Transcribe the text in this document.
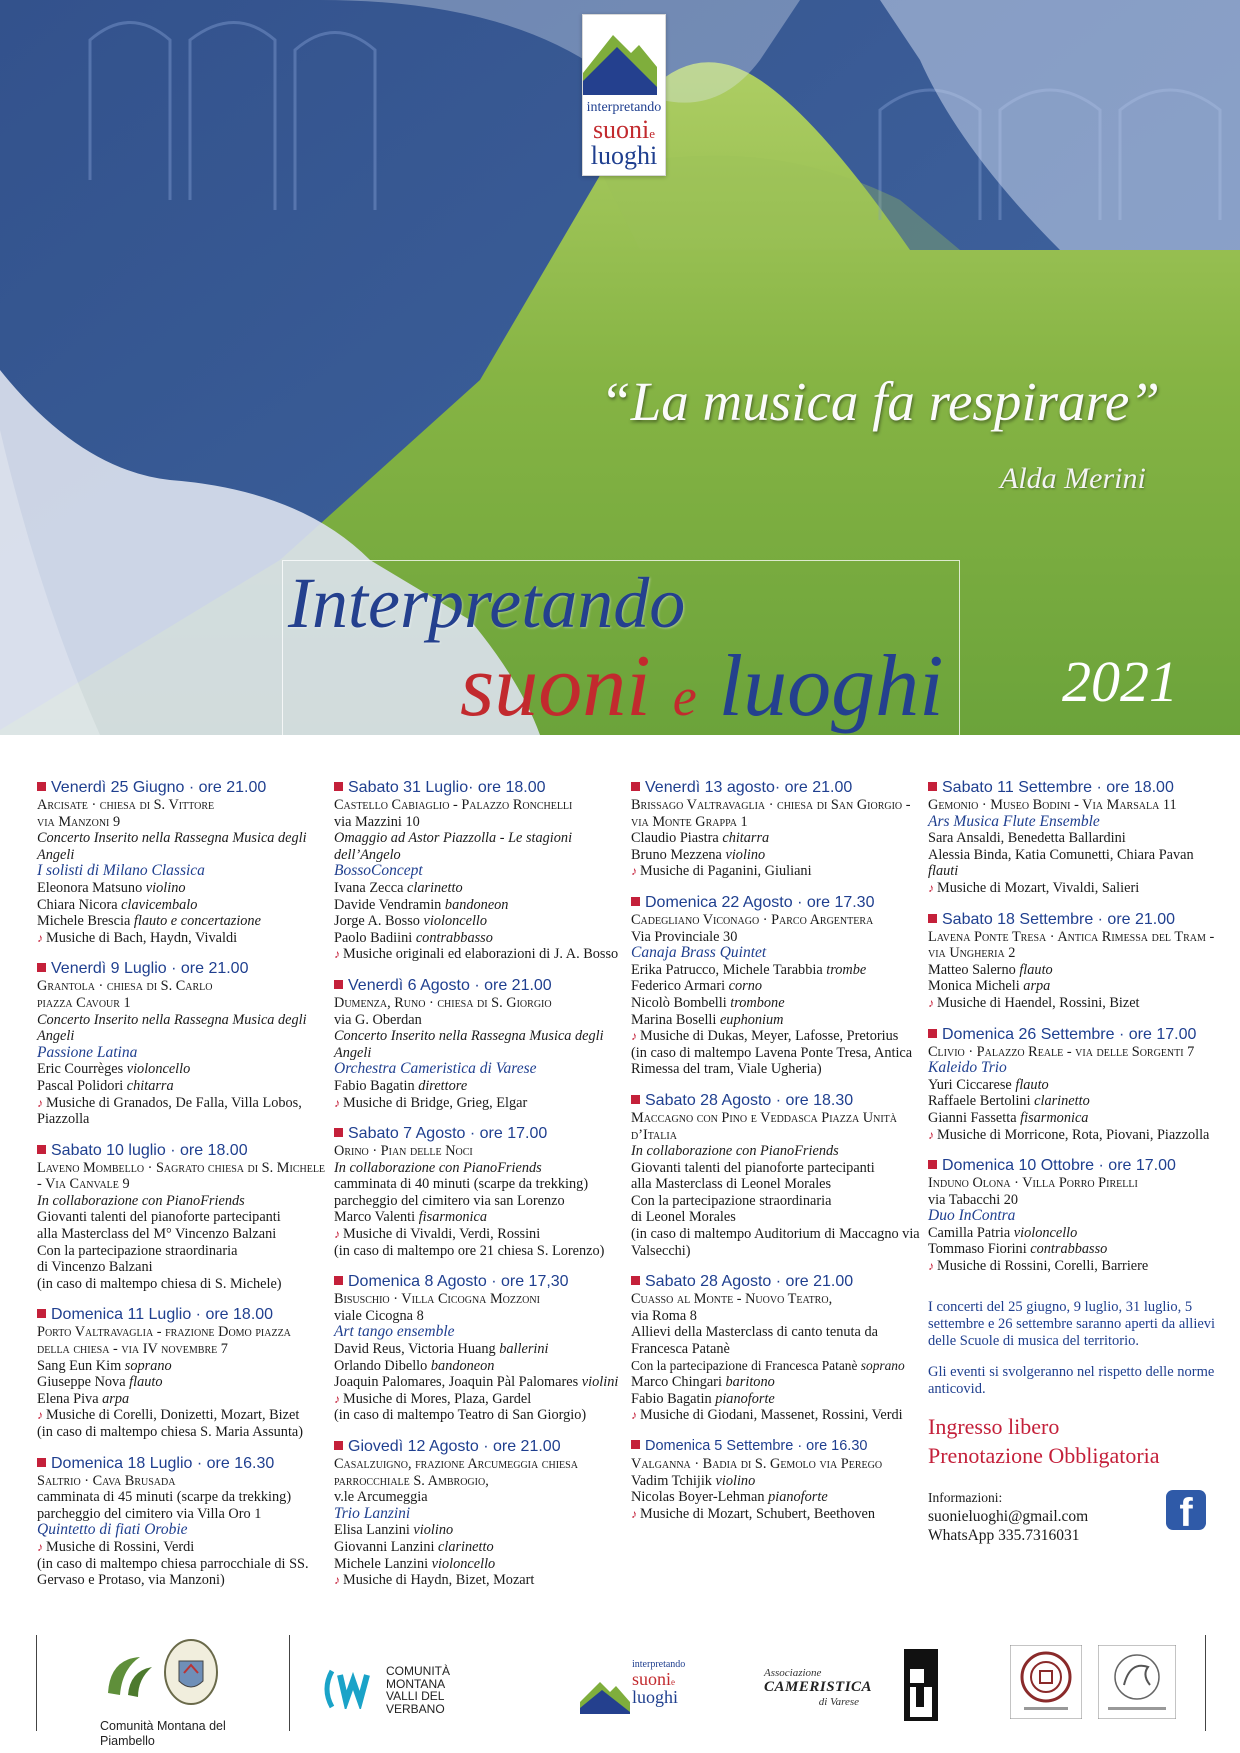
interpretando
suonie
luoghi
“La musica fa respirare”
Alda Merini
Interpretando
suoni e luoghi 2021
Venerdì 25 Giugno · ore 21.00
Arcisate · chiesa di S. Vittore
via Manzoni 9
Concerto Inserito nella Rassegna Musica degli Angeli
I solisti di Milano Classica
Eleonora Matsuno violino
Chiara Nicora clavicembalo
Michele Brescia flauto e concertazione
♪ Musiche di Bach, Haydn, Vivaldi
Venerdì 9 Luglio · ore 21.00
Grantola · chiesa di S. Carlo
piazza Cavour 1
Concerto Inserito nella Rassegna Musica degli Angeli
Passione Latina
Eric Courrèges violoncello
Pascal Polidori chitarra
♪ Musiche di Granados, De Falla, Villa Lobos, Piazzolla
Sabato 10 luglio · ore 18.00
Laveno Mombello · Sagrato chiesa di S. Michele - Via Canvale 9
In collaborazione con PianoFriends
Giovanti talenti del pianoforte partecipanti
alla Masterclass del M° Vincenzo Balzani
Con la partecipazione straordinaria
di Vincenzo Balzani
(in caso di maltempo chiesa di S. Michele)
Domenica 11 Luglio · ore 18.00
Porto Valtravaglia - frazione Domo piazza della chiesa - via IV novembre 7
Sang Eun Kim soprano
Giuseppe Nova flauto
Elena Piva arpa
♪ Musiche di Corelli, Donizetti, Mozart, Bizet
(in caso di maltempo chiesa S. Maria Assunta)
Domenica 18 Luglio · ore 16.30
Saltrio · Cava Brusada
camminata di 45 minuti (scarpe da trekking)
parcheggio del cimitero via Villa Oro 1
Quintetto di fiati Orobie
♪ Musiche di Rossini, Verdi
(in caso di maltempo chiesa parrocchiale di SS. Gervaso e Protaso, via Manzoni)
Sabato 31 Luglio· ore 18.00
Castello Cabiaglio - Palazzo Ronchelli
via Mazzini 10
Omaggio ad Astor Piazzolla - Le stagioni dell’Angelo
BossoConcept
Ivana Zecca clarinetto
Davide Vendramin bandoneon
Jorge A. Bosso violoncello
Paolo Badiini contrabbasso
♪ Musiche originali ed elaborazioni di J. A. Bosso
Venerdì 6 Agosto · ore 21.00
Dumenza, Runo · chiesa di S. Giorgio
via G. Oberdan
Concerto Inserito nella Rassegna Musica degli Angeli
Orchestra Cameristica di Varese
Fabio Bagatin direttore
♪ Musiche di Bridge, Grieg, Elgar
Sabato 7 Agosto · ore 17.00
Orino · Pian delle Noci
In collaborazione con PianoFriends
camminata di 40 minuti (scarpe da trekking)
parcheggio del cimitero via san Lorenzo
Marco Valenti fisarmonica
♪ Musiche di Vivaldi, Verdi, Rossini
(in caso di maltempo ore 21 chiesa S. Lorenzo)
Domenica 8 Agosto · ore 17,30
Bisuschio · Villa Cicogna Mozzoni
viale Cicogna 8
Art tango ensemble
David Reus, Victoria Huang ballerini
Orlando Dibello bandoneon
Joaquin Palomares, Joaquin Pàl Palomares violini
♪ Musiche di Mores, Plaza, Gardel
(in caso di maltempo Teatro di San Giorgio)
Giovedì 12 Agosto · ore 21.00
Casalzuigno, frazione Arcumeggia chiesa parrocchiale S. Ambrogio,
v.le Arcumeggia
Trio Lanzini
Elisa Lanzini violino
Giovanni Lanzini clarinetto
Michele Lanzini violoncello
♪ Musiche di Haydn, Bizet, Mozart
Venerdì 13 agosto· ore 21.00
Brissago Valtravaglia · chiesa di San Giorgio - via Monte Grappa 1
Claudio Piastra chitarra
Bruno Mezzena violino
♪ Musiche di Paganini, Giuliani
Domenica 22 Agosto · ore 17.30
Cadegliano Viconago · Parco Argentera
Via Provinciale 30
Canaja Brass Quintet
Erika Patrucco, Michele Tarabbia trombe
Federico Armari corno
Nicolò Bombelli trombone
Marina Boselli euphonium
♪ Musiche di Dukas, Meyer, Lafosse, Pretorius
(in caso di maltempo Lavena Ponte Tresa, Antica Rimessa del tram, Viale Ugheria)
Sabato 28 Agosto · ore 18.30
Maccagno con Pino e Veddasca Piazza Unità d’Italia
In collaborazione con PianoFriends
Giovanti talenti del pianoforte partecipanti
alla Masterclass di Leonel Morales
Con la partecipazione straordinaria
di Leonel Morales
(in caso di maltempo Auditorium di Maccagno via Valsecchi)
Sabato 28 Agosto · ore 21.00
Cuasso al Monte - Nuovo Teatro,
via Roma 8
Allievi della Masterclass di canto tenuta da Francesca Patanè
Con la partecipazione di Francesca Patanè soprano
Marco Chingari baritono
Fabio Bagatin pianoforte
♪ Musiche di Giodani, Massenet, Rossini, Verdi
Domenica 5 Settembre · ore 16.30
Valganna · Badia di S. Gemolo via Perego
Vadim Tchijik violino
Nicolas Boyer-Lehman pianoforte
♪ Musiche di Mozart, Schubert, Beethoven
Sabato 11 Settembre · ore 18.00
Gemonio · Museo Bodini - Via Marsala 11
Ars Musica Flute Ensemble
Sara Ansaldi, Benedetta Ballardini
Alessia Binda, Katia Comunetti, Chiara Pavan flauti
♪ Musiche di Mozart, Vivaldi, Salieri
Sabato 18 Settembre · ore 21.00
Lavena Ponte Tresa · Antica Rimessa del Tram - via Ungheria 2
Matteo Salerno flauto
Monica Micheli arpa
♪ Musiche di Haendel, Rossini, Bizet
Domenica 26 Settembre · ore 17.00
Clivio · Palazzo Reale - via delle Sorgenti 7
Kaleido Trio
Yuri Ciccarese flauto
Raffaele Bertolini clarinetto
Gianni Fassetta fisarmonica
♪ Musiche di Morricone, Rota, Piovani, Piazzolla
Domenica 10 Ottobre · ore 17.00
Induno Olona · Villa Porro Pirelli
via Tabacchi 20
Duo InContra
Camilla Patria violoncello
Tommaso Fiorini contrabbasso
♪ Musiche di Rossini, Corelli, Barriere
I concerti del 25 giugno, 9 luglio, 31 luglio, 5 settembre e 26 settembre saranno aperti da allievi delle Scuole di musica del territorio.
Gli eventi si svolgeranno nel rispetto delle norme anticovid.
Ingresso libero
Prenotazione Obbligatoria
Informazioni:
suonieluoghi@gmail.com
WhatsApp 335.7316031
f
Comunità Montana del Piambello
COMUNITÀ
MONTANA
VALLI DEL
VERBANO
interpretando
suonie
luoghi
Associazione
CAMERISTICA
di Varese
